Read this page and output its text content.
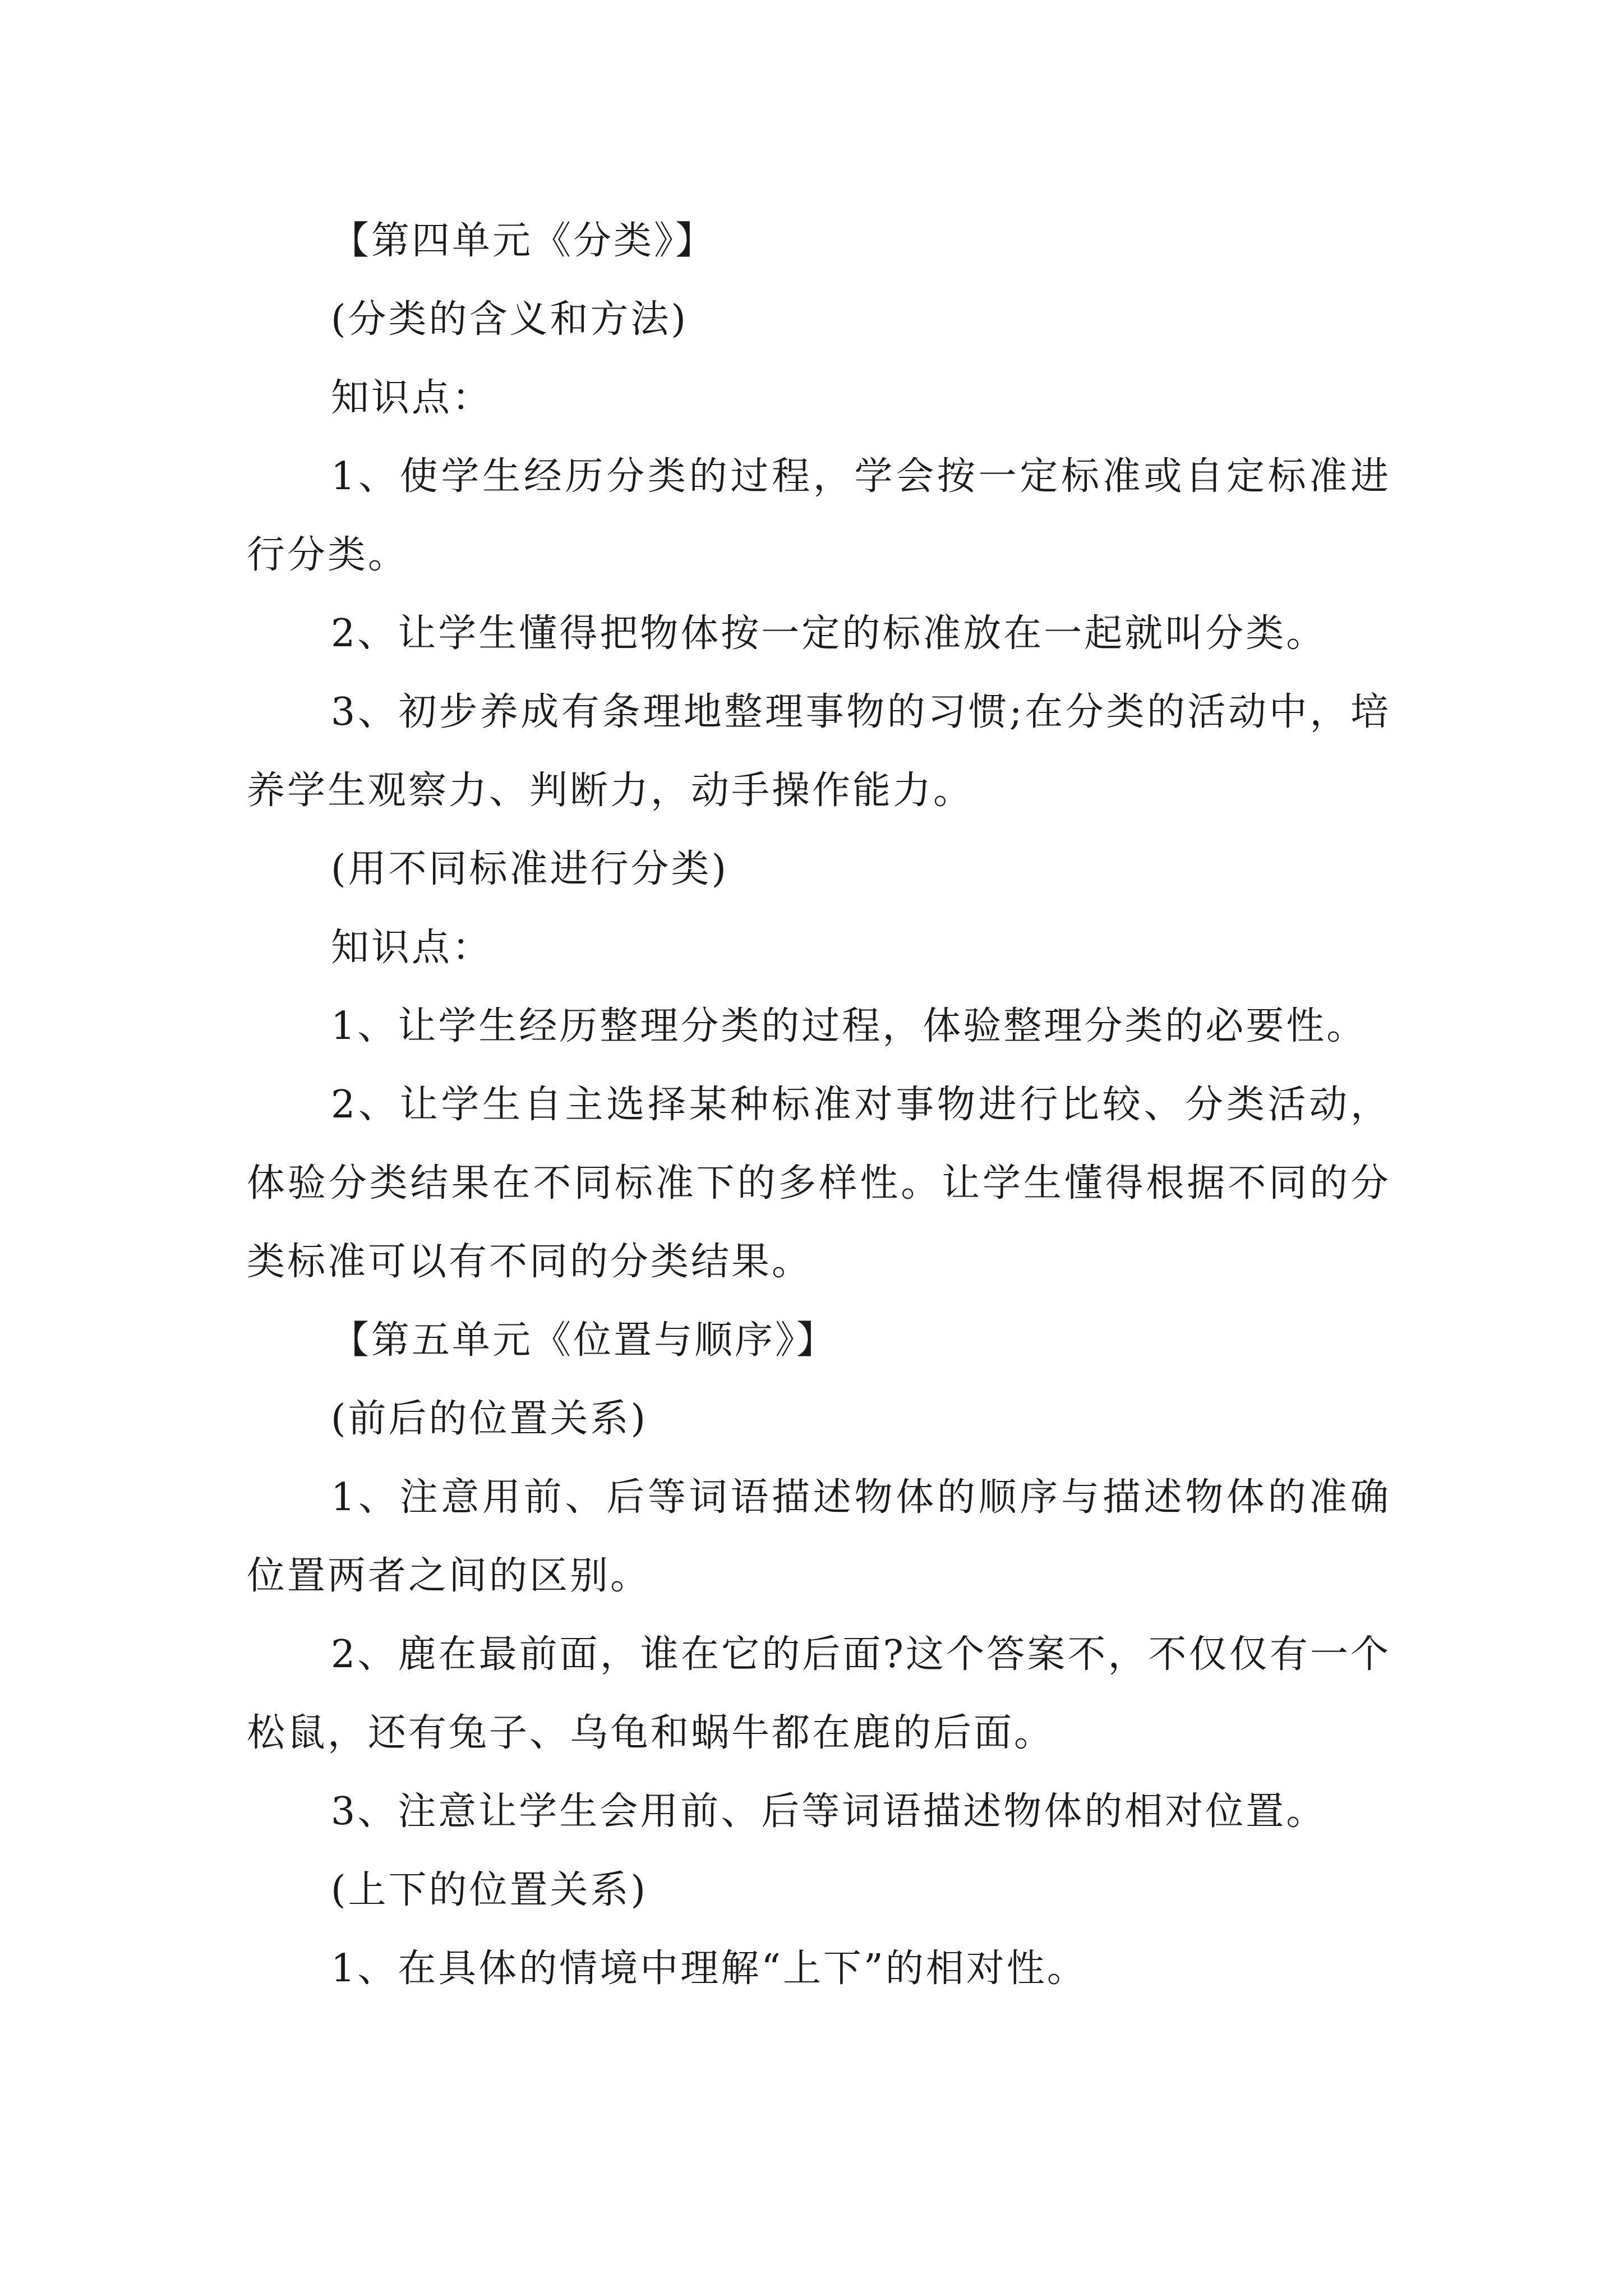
【第四单元《分类》】

(分类的含义和方法)

知识点：

1、使学生经历分类的过程，学会按一定标准或自定标准进行分类。

2、让学生懂得把物体按一定的标准放在一起就叫分类。

3、初步养成有条理地整理事物的习惯;在分类的活动中，培养学生观察力、判断力，动手操作能力。

(用不同标准进行分类)

知识点：

1、让学生经历整理分类的过程，体验整理分类的必要性。

2、让学生自主选择某种标准对事物进行比较、分类活动，体验分类结果在不同标准下的多样性。让学生懂得根据不同的分类标准可以有不同的分类结果。

【第五单元《位置与顺序》】

(前后的位置关系)

1、注意用前、后等词语描述物体的顺序与描述物体的准确位置两者之间的区别。

2、鹿在最前面，谁在它的后面?这个答案不，不仅仅有一个松鼠，还有兔子、乌龟和蜗牛都在鹿的后面。

3、注意让学生会用前、后等词语描述物体的相对位置。

(上下的位置关系)

1、在具体的情境中理解“上下”的相对性。
